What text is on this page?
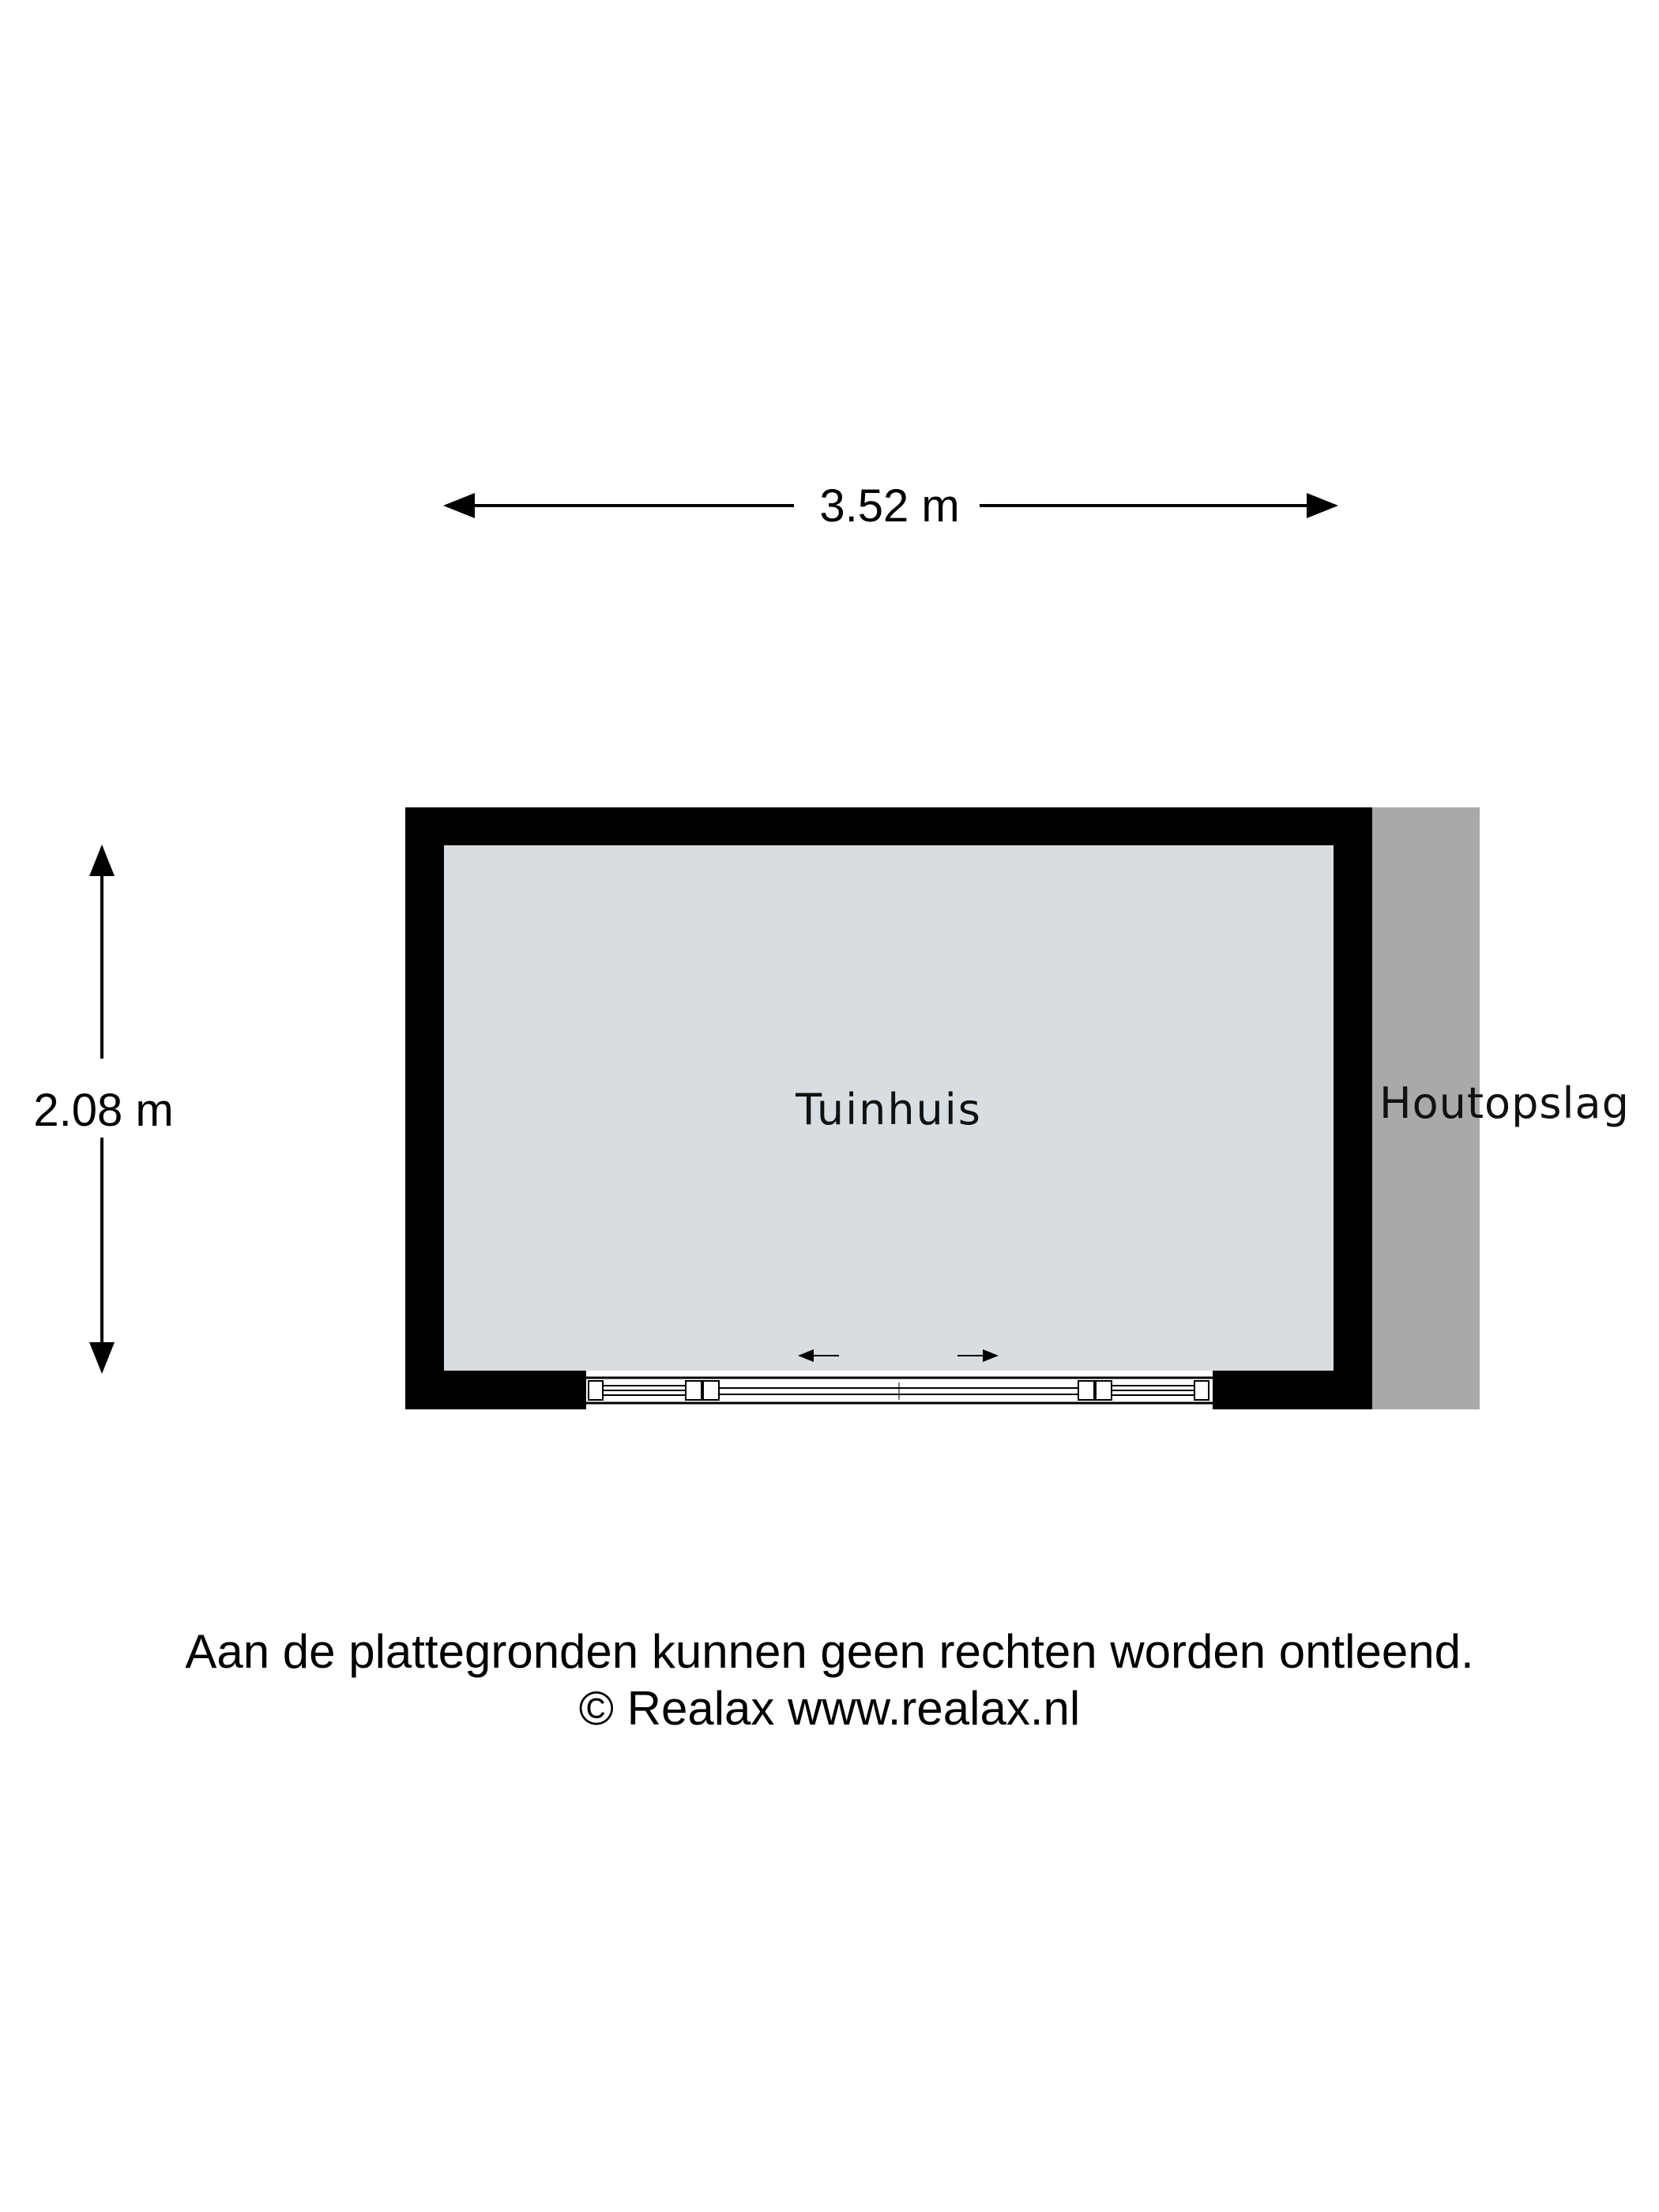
3.52 m
2.08 m	Tuinhuis	Houtopslag
Aan de plattegronden kunnen geen rechten worden ontleend.
© Realax www.realax.nl
